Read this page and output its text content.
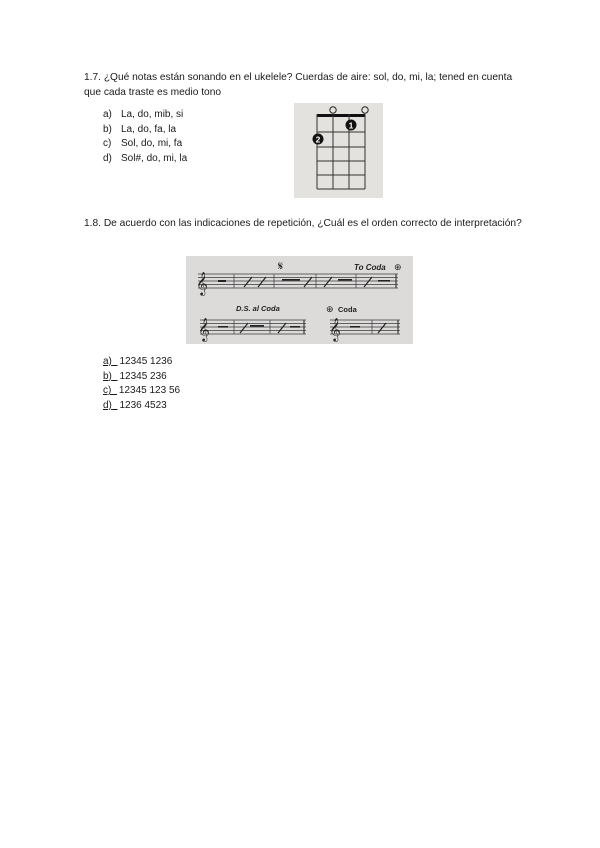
1.7. ¿Qué notas están sonando en el ukelele? Cuerdas de aire: sol, do, mi, la; tened en cuenta que cada traste es medio tono
a) La, do, mib, si
b) La, do, fa, la
c) Sol, do, mi, fa
d) Sol#, do, mi, la
1
2
1.8. De acuerdo con las indicaciones de repetición, ¿Cuál es el orden correcto de interpretación?
𝄞
𝄋	To Coda ⊕
D.S. al Coda	⊕ Coda
𝄞	𝄞
a) 12345 1236
b) 12345 236
c) 12345 123 56
d) 1236 4523
